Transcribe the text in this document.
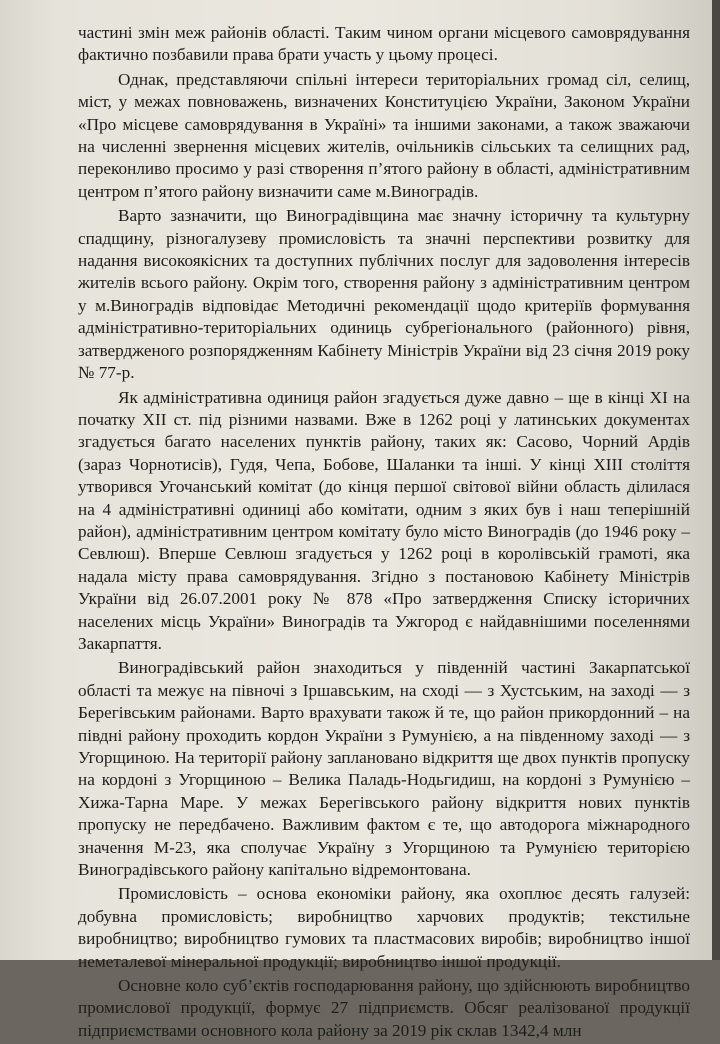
частині змін меж районів області. Таким чином органи місцевого самоврядування фактично позбавили права брати участь у цьому процесі.

Однак, представляючи спільні інтереси територіальних громад сіл, селищ, міст, у межах повноважень, визначених Конституцією України, Законом України «Про місцеве самоврядування в Україні» та іншими законами, а також зважаючи на численні звернення місцевих жителів, очільників сільських та селищних рад, переконливо просимо у разі створення п’ятого району в області, адміністративним центром п’ятого району визначити саме м.Виноградів.

Варто зазначити, що Виноградівщина має значну історичну та культурну спадщину, різногалузеву промисловість та значні перспективи розвитку для надання високоякісних та доступних публічних послуг для задоволення інтересів жителів всього району. Окрім того, створення району з адміністративним центром у м.Виноградів відповідає Методичні рекомендації щодо критеріїв формування адміністративно-територіальних одиниць субрегіонального (районного) рівня, затвердженого розпорядженням Кабінету Міністрів України від 23 січня 2019 року № 77-р.

Як адміністративна одиниця район згадується дуже давно – ще в кінці XI на початку XII ст. під різними назвами. Вже в 1262 році у латинських документах згадується багато населених пунктів району, таких як: Сасово, Чорний Ардів (зараз Чорнотисів), Гудя, Чепа, Бобове, Шаланки та інші. У кінці XIII століття утворився Угочанський комітат (до кінця першої світової війни область ділилася на 4 адміністративні одиниці або комітати, одним з яких був і наш теперішній район), адміністративним центром комітату було місто Виноградів (до 1946 року – Севлюш). Вперше Севлюш згадується у 1262 році в королівській грамоті, яка надала місту права самоврядування. Згідно з постановою Кабінету Міністрів України від 26.07.2001 року № 878 «Про затвердження Списку історичних населених місць України» Виноградів та Ужгород є найдавнішими поселеннями Закарпаття.

Виноградівський район знаходиться у південній частині Закарпатської області та межує на півночі з Іршавським, на сході — з Хустським, на заході — з Берегівським районами. Варто врахувати також й те, що район прикордонний – на півдні району проходить кордон України з Румунією, а на південному заході — з Угорщиною. На території району заплановано відкриття ще двох пунктів пропуску на кордоні з Угорщиною – Велика Паладь-Нодьгидиш, на кордоні з Румунією – Хижа-Тарна Маре. У межах Берегівського району відкриття нових пунктів пропуску не передбачено. Важливим фактом є те, що автодорога міжнародного значення М-23, яка сполучає Україну з Угорщиною та Румунією територією Виноградівського району капітально відремонтована.

Промисловість – основа економіки району, яка охоплює десять галузей: добувна промисловість; виробництво харчових продуктів; текстильне виробництво; виробництво гумових та пластмасових виробів; виробництво іншої неметалевої мінеральної продукції; виробництво іншої продукції.

Основне коло суб’єктів господарювання району, що здійснюють виробництво промислової продукції, формує 27 підприємств. Обсяг реалізованої продукції підприємствами основного кола району за 2019 рік склав 1342,4 млн
